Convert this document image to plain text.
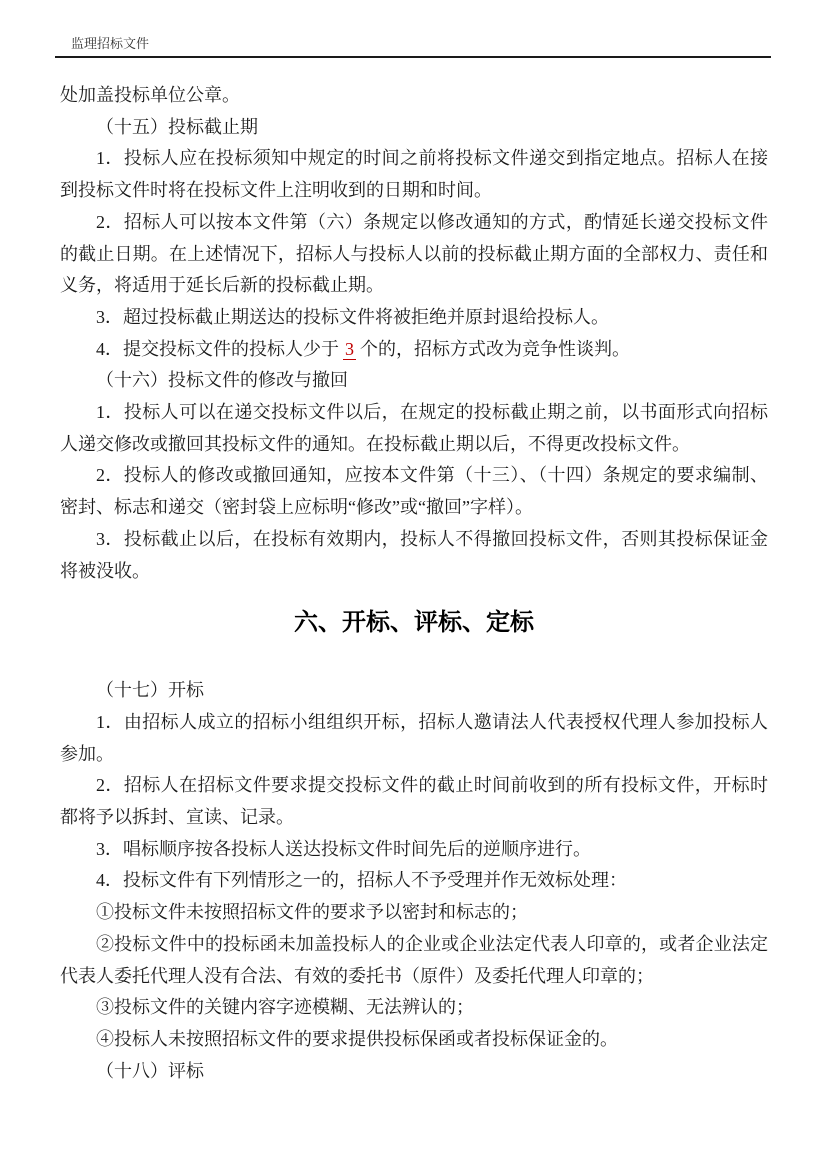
监理招标文件

处加盖投标单位公章。

（十五）投标截止期

1．投标人应在投标须知中规定的时间之前将投标文件递交到指定地点。招标人在接到投标文件时将在投标文件上注明收到的日期和时间。

2．招标人可以按本文件第（六）条规定以修改通知的方式，酌情延长递交投标文件的截止日期。在上述情况下，招标人与投标人以前的投标截止期方面的全部权力、责任和义务，将适用于延长后新的投标截止期。

3．超过投标截止期送达的投标文件将被拒绝并原封退给投标人。

4．提交投标文件的投标人少于 3 个的，招标方式改为竞争性谈判。

（十六）投标文件的修改与撤回

1．投标人可以在递交投标文件以后，在规定的投标截止期之前，以书面形式向招标人递交修改或撤回其投标文件的通知。在投标截止期以后，不得更改投标文件。

2．投标人的修改或撤回通知，应按本文件第（十三）、（十四）条规定的要求编制、密封、标志和递交（密封袋上应标明“修改”或“撤回”字样）。

3．投标截止以后，在投标有效期内，投标人不得撤回投标文件，否则其投标保证金将被没收。

六、开标、评标、定标

（十七）开标

1．由招标人成立的招标小组组织开标，招标人邀请法人代表授权代理人参加投标人参加。

2．招标人在招标文件要求提交投标文件的截止时间前收到的所有投标文件，开标时都将予以拆封、宣读、记录。

3．唱标顺序按各投标人送达投标文件时间先后的逆顺序进行。

4．投标文件有下列情形之一的，招标人不予受理并作无效标处理：

①投标文件未按照招标文件的要求予以密封和标志的；

②投标文件中的投标函未加盖投标人的企业或企业法定代表人印章的，或者企业法定代表人委托代理人没有合法、有效的委托书（原件）及委托代理人印章的；

③投标文件的关键内容字迹模糊、无法辨认的；

④投标人未按照招标文件的要求提供投标保函或者投标保证金的。

（十八）评标
